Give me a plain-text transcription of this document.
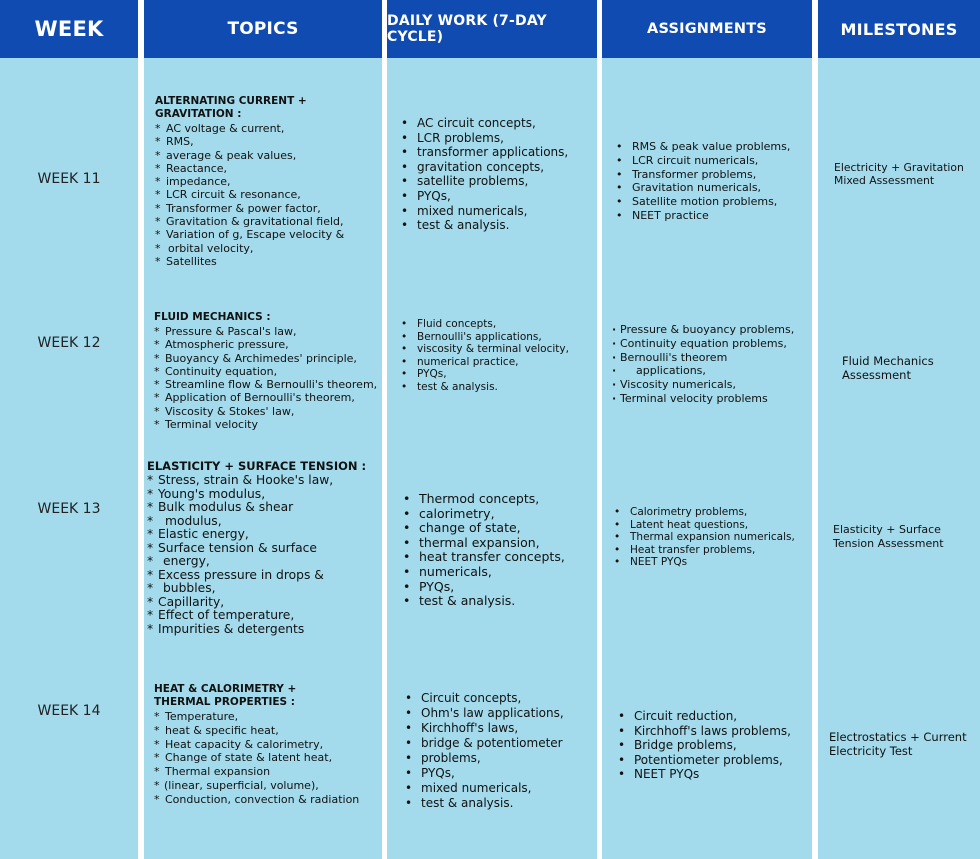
WEEK
WEEK 11
WEEK 12
WEEK 13
WEEK 14
TOPICS
ALTERNATING CURRENT +
GRAVITATION :
* AC voltage & current,
* RMS,
* average & peak values,
* Reactance,
* impedance,
* LCR circuit & resonance,
* Transformer & power factor,
* Gravitation & gravitational field,
* Variation of g, Escape velocity &
* orbital velocity,
* Satellites
FLUID MECHANICS :
* Pressure & Pascal's law,
* Atmospheric pressure,
* Buoyancy & Archimedes' principle,
* Continuity equation,
* Streamline flow & Bernoulli's theorem,
* Application of Bernoulli's theorem,
* Viscosity & Stokes' law,
* Terminal velocity
ELASTICITY + SURFACE TENSION :
* Stress, strain & Hooke's law,
* Young's modulus,
* Bulk modulus & shear
* modulus,
* Elastic energy,
* Surface tension & surface
* energy,
* Excess pressure in drops &
* bubbles,
* Capillarity,
* Effect of temperature,
* Impurities & detergents
HEAT & CALORIMETRY +
THERMAL PROPERTIES :
* Temperature,
* heat & specific heat,
* Heat capacity & calorimetry,
* Change of state & latent heat,
* Thermal expansion
* (linear, superficial, volume),
* Conduction, convection & radiation
DAILY WORK (7-DAY CYCLE)
• AC circuit concepts,
• LCR problems,
• transformer applications,
• gravitation concepts,
• satellite problems,
• PYQs,
• mixed numericals,
• test & analysis.
• Fluid concepts,
• Bernoulli's applications,
• viscosity & terminal velocity,
• numerical practice,
• PYQs,
• test & analysis.
• Thermod concepts,
• calorimetry,
• change of state,
• thermal expansion,
• heat transfer concepts,
• numericals,
• PYQs,
• test & analysis.
• Circuit concepts,
• Ohm's law applications,
• Kirchhoff's laws,
• bridge & potentiometer
• problems,
• PYQs,
• mixed numericals,
• test & analysis.
ASSIGNMENTS
• RMS & peak value problems,
• LCR circuit numericals,
• Transformer problems,
• Gravitation numericals,
• Satellite motion problems,
• NEET practice
· Pressure & buoyancy problems,
· Continuity equation problems,
· Bernoulli's theorem
· applications,
· Viscosity numericals,
· Terminal velocity problems
• Calorimetry problems,
• Latent heat questions,
• Thermal expansion numericals,
• Heat transfer problems,
• NEET PYQs
• Circuit reduction,
• Kirchhoff's laws problems,
• Bridge problems,
• Potentiometer problems,
• NEET PYQs
MILESTONES
Electricity + Gravitation
Mixed Assessment
Fluid Mechanics
Assessment
Elasticity + Surface
Tension Assessment
Electrostatics + Current
Electricity Test
